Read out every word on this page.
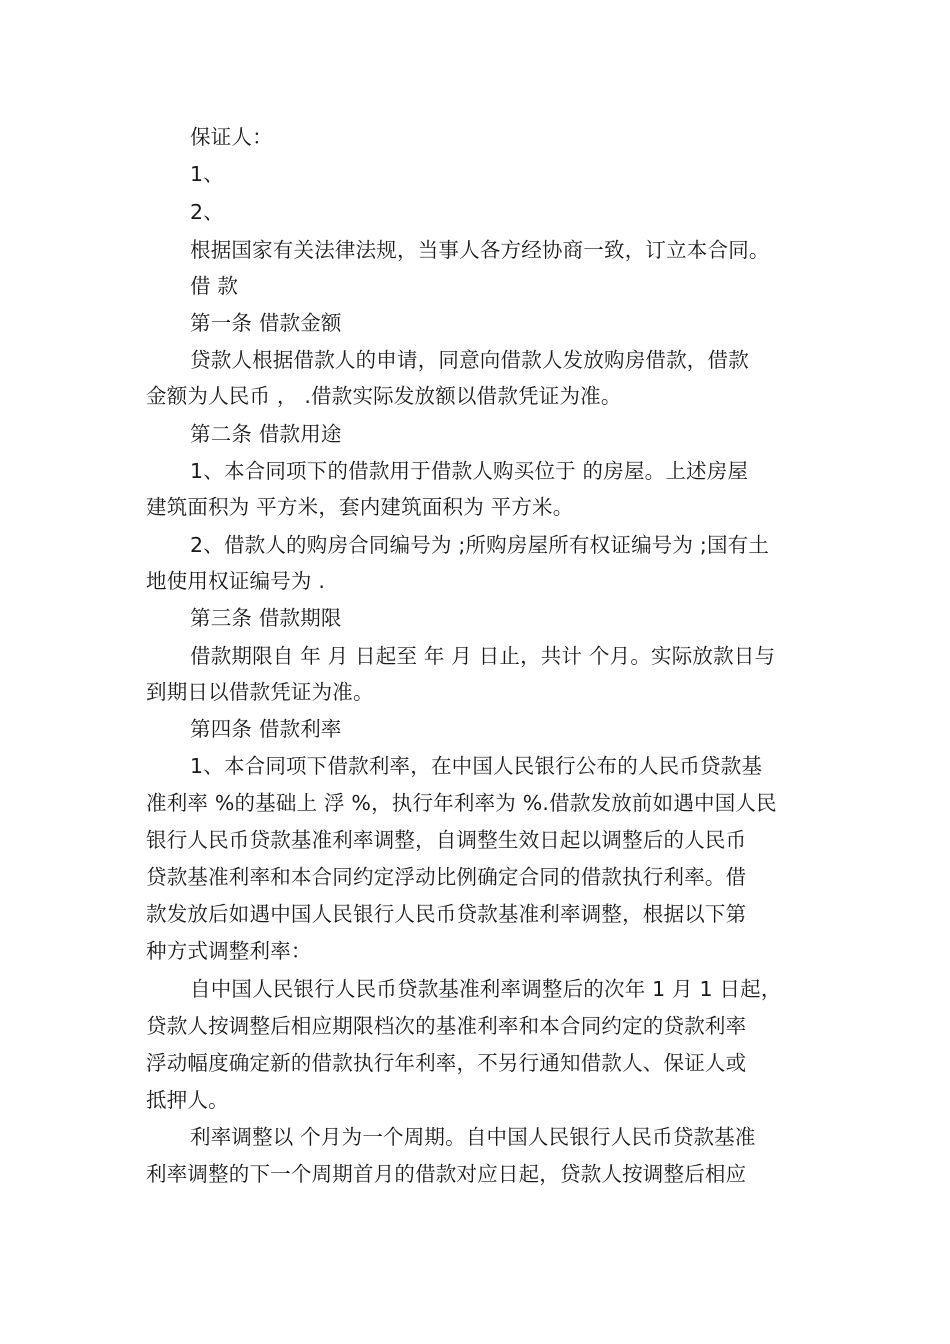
保证人：
1、
2、
根据国家有关法律法规，当事人各方经协商一致，订立本合同。
借 款
第一条 借款金额
贷款人根据借款人的申请，同意向借款人发放购房借款，借款
金额为人民币 ， .借款实际发放额以借款凭证为准。
第二条 借款用途
1、本合同项下的借款用于借款人购买位于 的房屋。上述房屋
建筑面积为 平方米，套内建筑面积为 平方米。
2、借款人的购房合同编号为 ;所购房屋所有权证编号为 ;国有土
地使用权证编号为 .
第三条 借款期限
借款期限自 年 月 日起至 年 月 日止，共计 个月。实际放款日与
到期日以借款凭证为准。
第四条 借款利率
1、本合同项下借款利率，在中国人民银行公布的人民币贷款基
准利率 %的基础上 浮 %，执行年利率为 %.借款发放前如遇中国人民
银行人民币贷款基准利率调整，自调整生效日起以调整后的人民币
贷款基准利率和本合同约定浮动比例确定合同的借款执行利率。借
款发放后如遇中国人民银行人民币贷款基准利率调整，根据以下第
种方式调整利率：
自中国人民银行人民币贷款基准利率调整后的次年 1 月 1 日起，
贷款人按调整后相应期限档次的基准利率和本合同约定的贷款利率
浮动幅度确定新的借款执行年利率，不另行通知借款人、保证人或
抵押人。
利率调整以 个月为一个周期。自中国人民银行人民币贷款基准
利率调整的下一个周期首月的借款对应日起，贷款人按调整后相应
